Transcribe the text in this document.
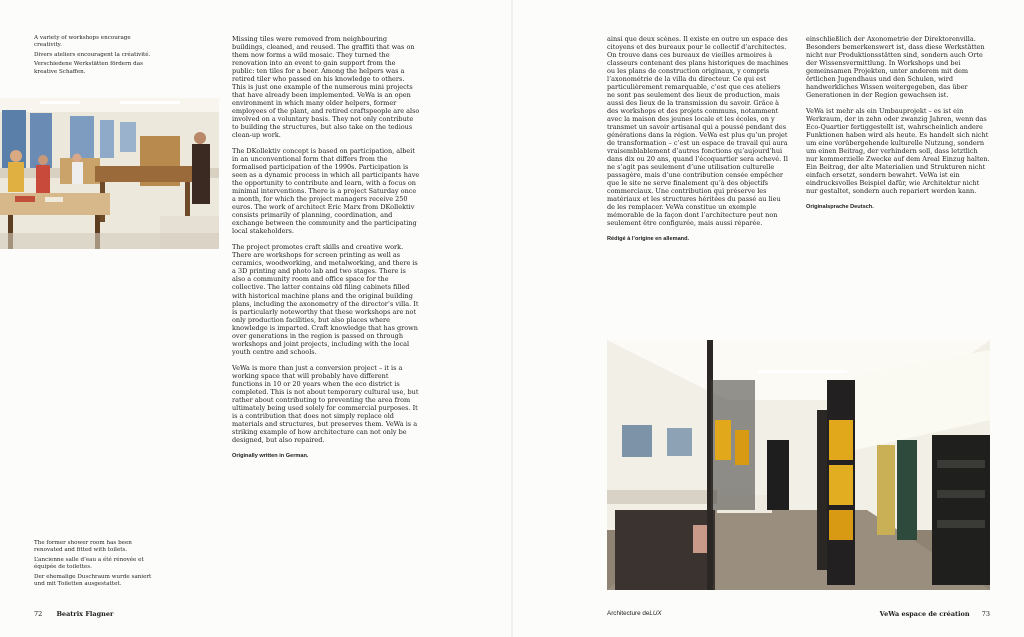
A variety of workshops encourage creativity.

Divers ateliers encouragent la créativité.

Verschiedene Werkstätten fördern das kreative Schaffen.

The former shower room has been renovated and fitted with toilets.

L’ancienne salle d’eau a été rénovée et équipée de toilettes.

Der ehemalige Duschraum wurde saniert und mit Toiletten ausgestattet.

Missing tiles were removed from neighbouring buildings, cleaned, and reused. The graffiti that was on them now forms a wild mosaic. They turned the renovation into an event to gain support from the public: ten tiles for a beer. Among the helpers was a retired tiler who passed on his knowledge to others. This is just one example of the numerous mini projects that have already been implemented. VeWa is an open environment in which many older helpers, former employees of the plant, and retired craftspeople are also involved on a voluntary basis. They not only contribute to building the structures, but also take on the tedious clean-up work.

The DKollektiv concept is based on participation, albeit in an unconventional form that differs from the formalised participation of the 1990s. Participation is seen as a dynamic process in which all participants have the opportunity to contribute and learn, with a focus on minimal interventions. There is a project Saturday once a month, for which the project managers receive 250 euros. The work of architect Eric Marx from DKollektiv consists primarily of planning, coordination, and exchange between the community and the participating local stakeholders.

The project promotes craft skills and creative work. There are workshops for screen printing as well as ceramics, woodworking, and metalworking, and there is a 3D printing and photo lab and two stages. There is also a community room and office space for the collective. The latter contains old filing cabinets filled with historical machine plans and the original building plans, including the axonometry of the director’s villa. It is particularly noteworthy that these workshops are not only production facilities, but also places where knowledge is imparted. Craft knowledge that has grown over generations in the region is passed on through workshops and joint projects, including with the local youth centre and schools.

VeWa is more than just a conversion project – it is a working space that will probably have different functions in 10 or 20 years when the eco district is completed. This is not about temporary cultural use, but rather about contributing to preventing the area from ultimately being used solely for commercial purposes. It is a contribution that does not simply replace old materials and structures, but preserves them. VeWa is a striking example of how architecture can not only be designed, but also repaired.

Originally written in German.

72 Beatrix Flagner

ainsi que deux scènes. Il existe en outre un espace des citoyens et des bureaux pour le collectif d’architectes. On trouve dans ces bureaux de vieilles armoires à classeurs contenant des plans historiques de machines ou les plans de construction originaux, y compris l’axonométrie de la villa du directeur. Ce qui est particulièrement remarquable, c’est que ces ateliers ne sont pas seulement des lieux de production, mais aussi des lieux de la transmission du savoir. Grâce à des workshops et des projets communs, notamment avec la maison des jeunes locale et les écoles, on y transmet un savoir artisanal qui a poussé pendant des générations dans la région. VeWa est plus qu’un projet de transformation – c’est un espace de travail qui aura vraisemblablement d’autres fonctions qu’aujourd’hui dans dix ou 20 ans, quand l’écoquartier sera achevé. Il ne s’agit pas seulement d’une utilisation culturelle passagère, mais d’une contribution censée empêcher que le site ne serve finalement qu’à des objectifs commerciaux. Une contribution qui préserve les matériaux et les structures héritées du passé au lieu de les remplacer. VeWa constitue un exemple mémorable de la façon dont l’architecture peut non seulement être configurée, mais aussi réparée.

Rédigé à l’origine en allemand.

einschließlich der Axonometrie der Direktorenvilla. Besonders bemerkenswert ist, dass diese Werkstätten nicht nur Produktionsstätten sind, sondern auch Orte der Wissensvermittlung. In Workshops und bei gemeinsamen Projekten, unter anderem mit dem örtlichen Jugendhaus und den Schulen, wird handwerkliches Wissen weitergegeben, das über Generationen in der Region gewachsen ist.

VeWa ist mehr als ein Umbauprojekt – es ist ein Werkraum, der in zehn oder zwanzig Jahren, wenn das Eco-Quartier fertiggestellt ist, wahrscheinlich andere Funktionen haben wird als heute. Es handelt sich nicht um eine vorübergehende kulturelle Nutzung, sondern um einen Beitrag, der verhindern soll, dass letztlich nur kommerzielle Zwecke auf dem Areal Einzug halten. Ein Beitrag, der alte Materialien und Strukturen nicht einfach ersetzt, sondern bewahrt. VeWa ist ein eindrucksvolles Beispiel dafür, wie Architektur nicht nur gestaltet, sondern auch repariert werden kann.

Originalsprache Deutsch.

Architecture deLUX	VeWa espace de création 73
